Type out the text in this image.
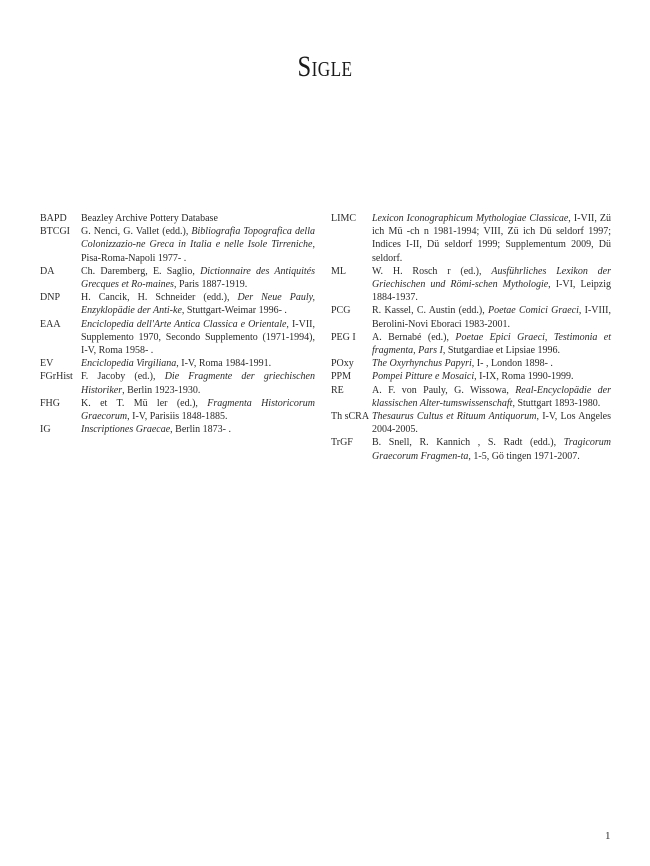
Sigle
BAPD	Beazley Archive Pottery Database
BTCGI	G. Nenci, G. Vallet (edd.), Bibliografia Topografica della Colonizzazio-ne Greca in Italia e nelle Isole Tirreniche, Pisa-Roma-Napoli 1977- .
DA	Ch. Daremberg, E. Saglio, Dictionnaire des Antiquités Grecques et Ro-maines, Paris 1887-1919.
DNP	H. Cancik, H. Schneider (edd.), Der Neue Pauly, Enzyklopädie der Anti-ke, Stuttgart-Weimar 1996- .
EAA	Enciclopedia dell'Arte Antica Classica e Orientale, I-VII, Supplemento 1970, Secondo Supplemento (1971-1994), I-V, Roma 1958- .
EV	Enciclopedia Virgiliana, I-V, Roma 1984-1991.
FGrHist F. Jacoby (ed.), Die Fragmente der griechischen Historiker, Berlin 1923-1930.
FHG	K. et T. Mü ler (ed.), Fragmenta Historicorum Graecorum, I-V, Parisiis 1848-1885.
IG	Inscriptiones Graecae, Berlin 1873- .
LIMC	Lexicon Iconographicum Mythologiae Classicae, I-VII, Zü ich Mü -ch n 1981-1994; VIII, Zü ich Dü seldorf 1997; Indices I-II, Dü seldorf 1999; Supplementum 2009, Dü seldorf.
ML	W. H. Rosch r (ed.), Ausführliches Lexikon der Griechischen und Römi-schen Mythologie, I-VI, Leipzig 1884-1937.
PCG	R. Kassel, C. Austin (edd.), Poetae Comici Graeci, I-VIII, Berolini-Novi Eboraci 1983-2001.
PEG I	A. Bernabé (ed.), Poetae Epici Graeci, Testimonia et fragmenta, Pars I, Stutgardiae et Lipsiae 1996.
POxy	The Oxyrhynchus Papyri, I- , London 1898- .
PPM	Pompei Pitture e Mosaici, I-IX, Roma 1990-1999.
RE	A. F. von Pauly, G. Wissowa, Real-Encyclopädie der klassischen Alter-tumswissenschaft, Stuttgart 1893-1980.
Th sCRA Thesaurus Cultus et Rituum Antiquorum, I-V, Los Angeles 2004-2005.
TrGF	B. Snell, R. Kannich , S. Radt (edd.), Tragicorum Graecorum Fragmen-ta, 1-5, Gö tingen 1971-2007.
1
